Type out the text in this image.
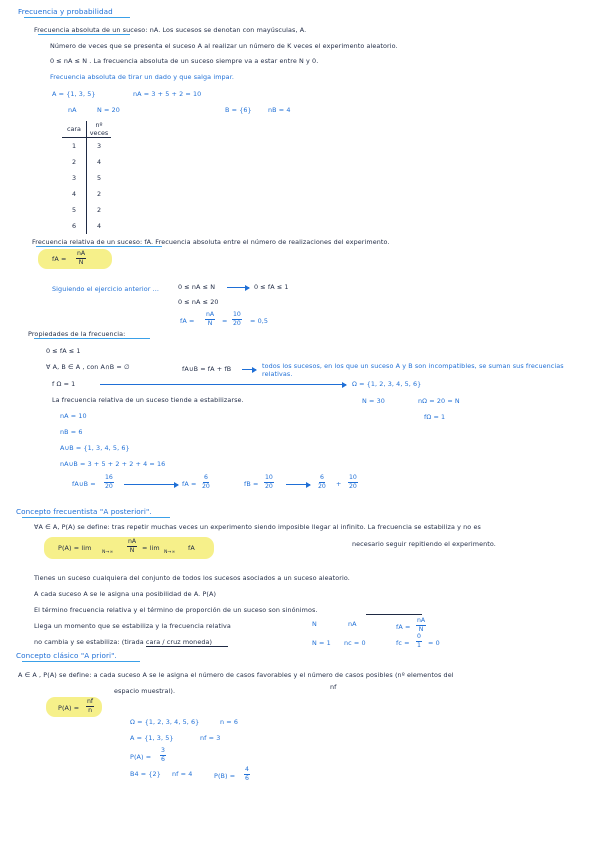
Frecuencia y probabilidad
Frecuencia absoluta de un suceso: nA. Los sucesos se denotan con mayúsculas, A.
Número de veces que se presenta el suceso A al realizar un número de K veces el experimento aleatorio.
0 ≤ nA ≤ N . La frecuencia absoluta de un suceso siempre va a estar entre N y 0.
Frecuencia absoluta de tirar un dado y que salga impar.
A = {1, 3, 5}	nA = 3 + 5 + 2 = 10
B = {6}	nB = 4
nA	N = 20
cara	nº veces
1	3
2	4
3	5
4	2
5	2
6	4
Frecuencia relativa de un suceso: fA. Frecuencia absoluta entre el número de realizaciones del experimento.
fA = $\frac{nA}{N}$
Siguiendo el ejercicio anterior ...	0 ≤ nA ≤ N	0 ≤ fA ≤ 1
0 ≤ nA ≤ 20
fA = $\frac{nA}{N} = \frac{10}{20} = 0,5$
Propiedades de la frecuencia:
0 ≤ fA ≤ 1
∀ A, B ∈ A , con A∩B = ∅	fA∪B = fA + fB	todos los sucesos, en los que un suceso A y B son incompatibles, se suman sus frecuencias relativas.
f Ω = 1	Ω = {1, 2, 3, 4, 5, 6}
La frecuencia relativa de un suceso tiende a estabilizarse.	N = 30	nΩ = 20 = N
fΩ = 1
nA = 10
nB = 6
A∪B = {1, 3, 4, 5, 6}
nA∪B = 3 + 5 + 2 + 2 + 4 = 16
fA∪B = $\frac{16}{20}$	fA = $\frac{6}{20}$	fB = $\frac{10}{20}$	$\frac{6}{20} + \frac{10}{20}$
Concepto frecuentista "A posteriori".
∀A ∈ A, P(A) se define: tras repetir muchas veces un experimento siendo imposible llegar al infinito. La frecuencia se estabiliza y no es
necesario seguir repitiendo el experimento.
P(A) = lim
$N\to\infty \frac{nA}{N} = \lim$
N→∞
fA
Tienes un suceso cualquiera del conjunto de todos los sucesos asociados a un suceso aleatorio.
A cada suceso A se le asigna una posibilidad de A. P(A)
El término frecuencia relativa y el término de proporción de un suceso son sinónimos.
Llega un momento que se estabiliza y la frecuencia relativa
no cambia y se estabiliza: (tirada cara / cruz moneda)
N	nA	fA = $\frac{nA}{N}$
N = 1 nc = 0	fc = $\frac{0}{1} = 0$
Concepto clásico "A priori".
A ∈ A , P(A) se define: a cada suceso A se le asigna el número de casos favorables y el número de casos posibles (nº elementos del
espacio muestral).	nf
$P(A) = \frac{nf}{n}$
Ω = {1, 2, 3, 4, 5, 6}	n = 6
A = {1, 3, 5}	nf = 3
$P(A) = \frac{3}{6}$
B4 = {2} nf = 4	$P(B) = \frac{4}{6}$
